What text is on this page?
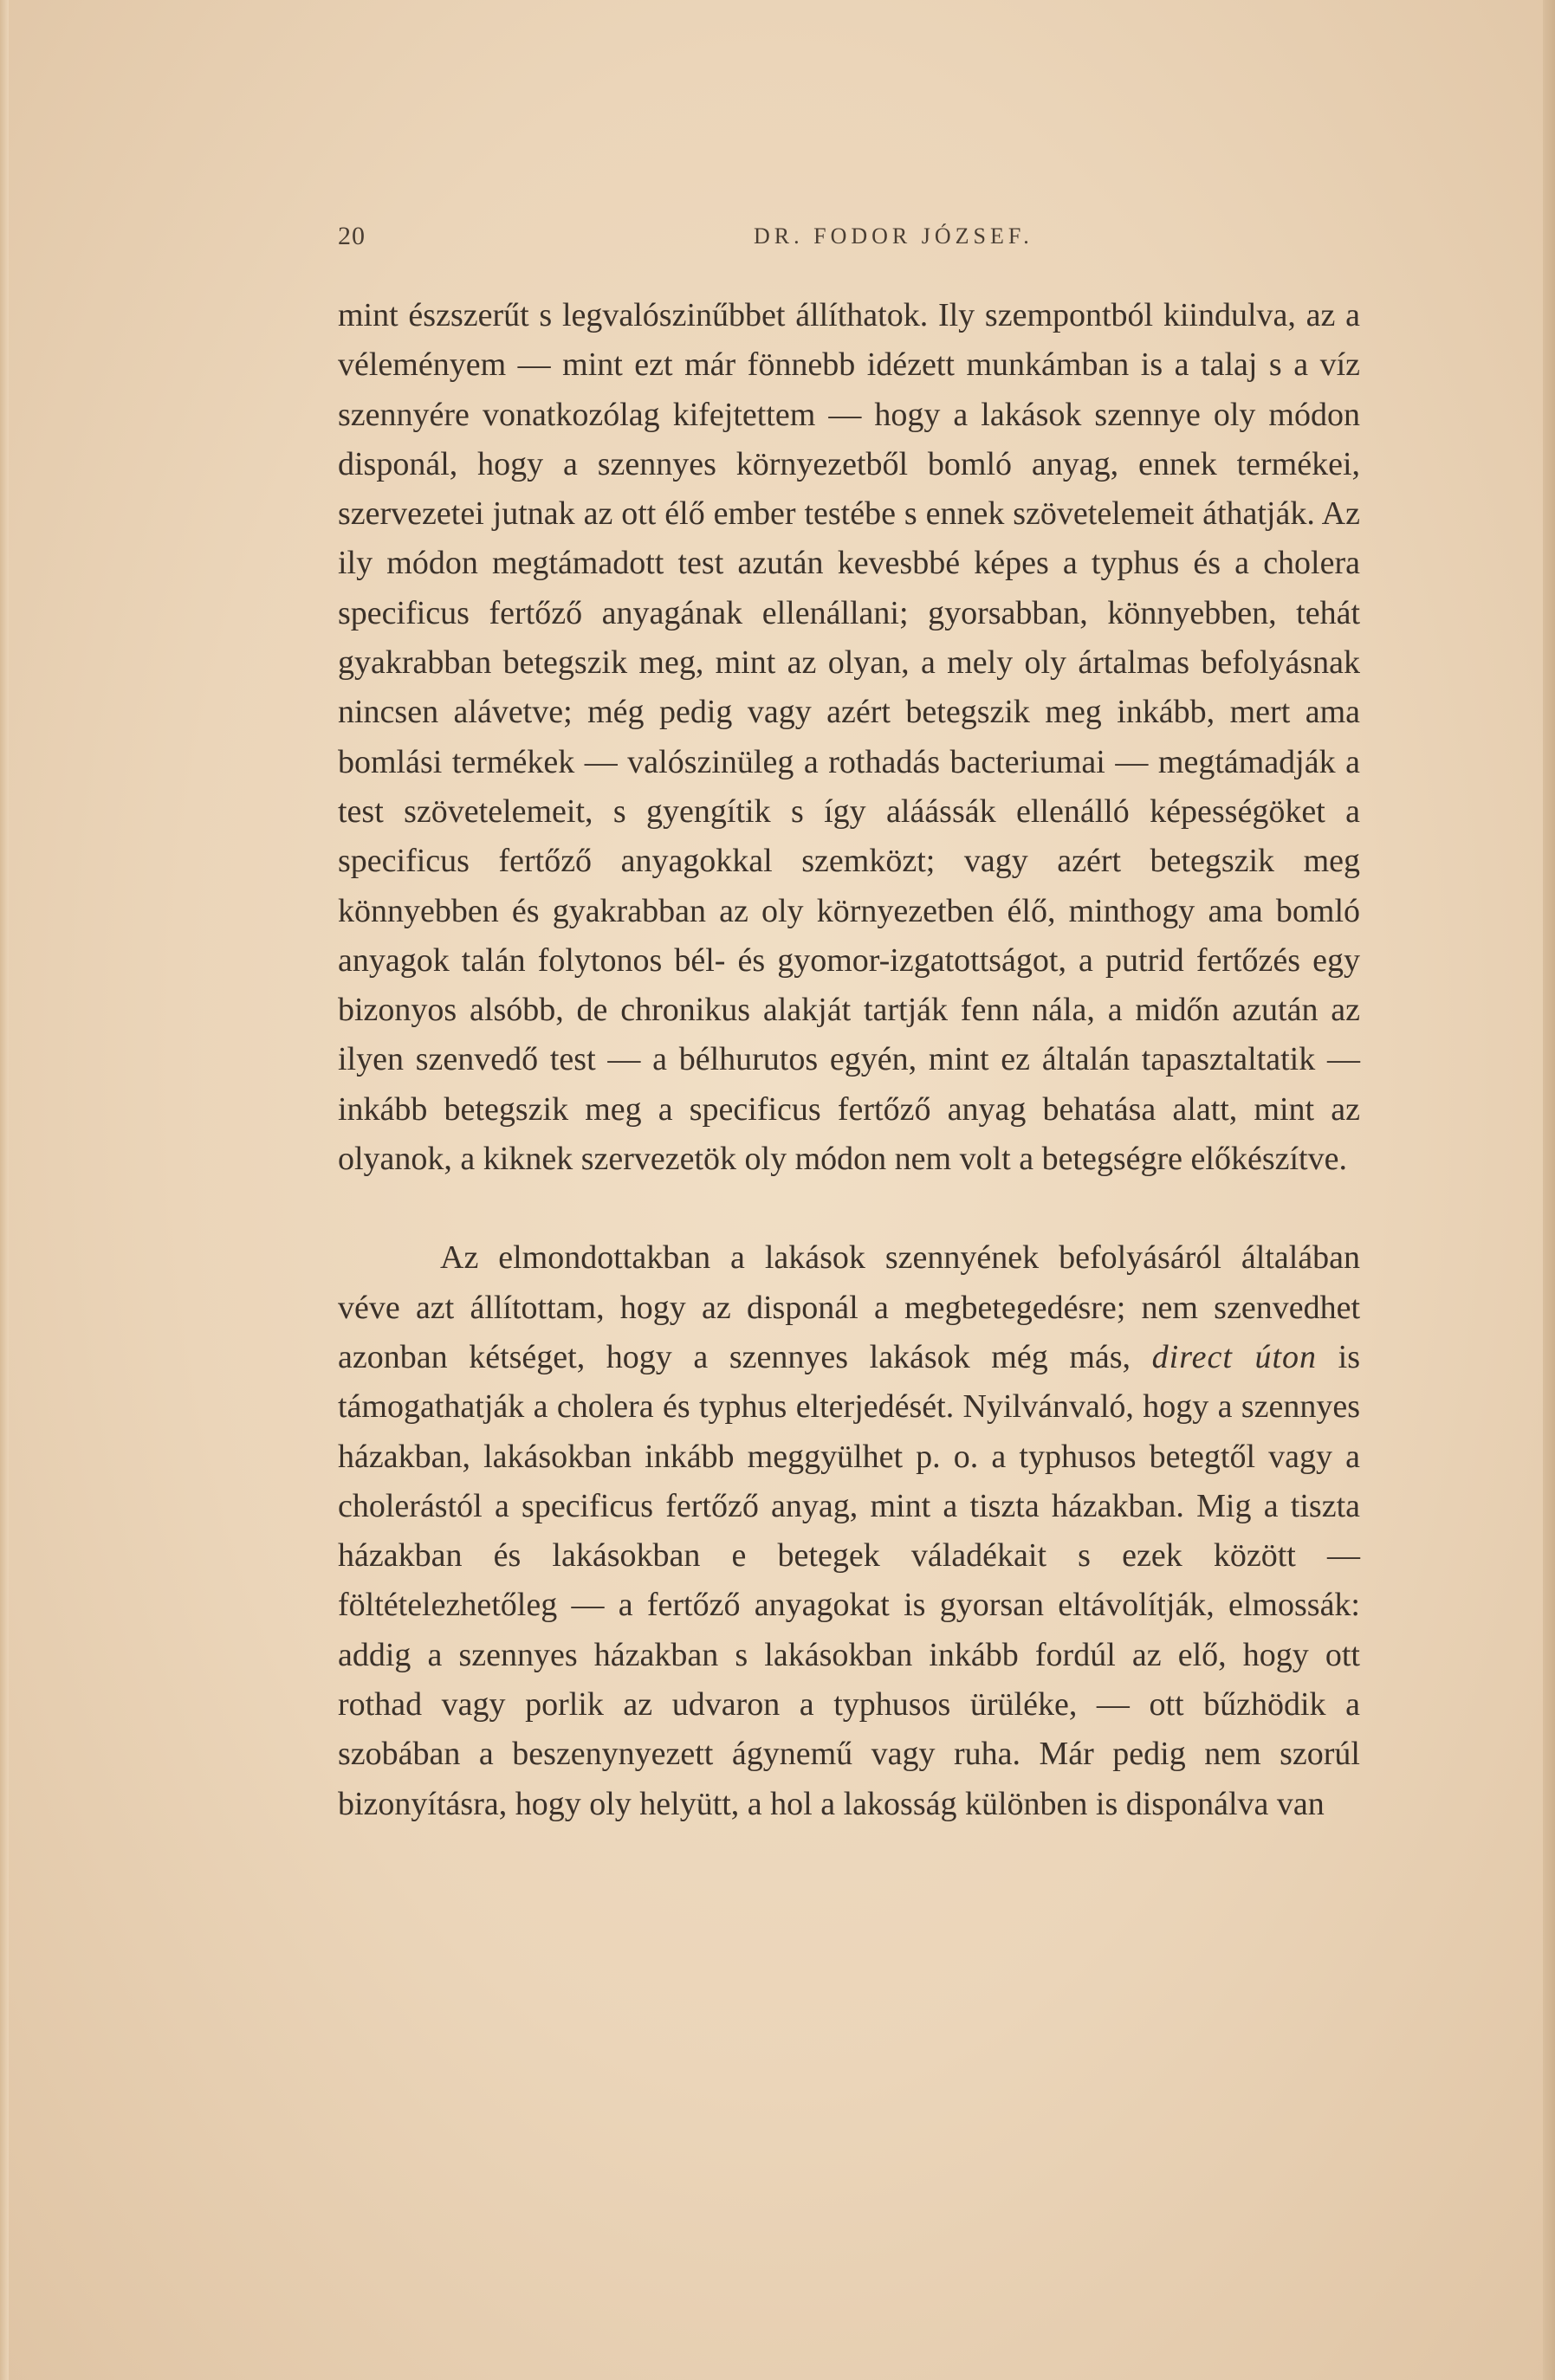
20	DR. FODOR JÓZSEF.

mint észszerűt s legvalószinűbbet állíthatok. Ily szempontból kiindulva, az a véleményem — mint ezt már fönnebb idézett munkámban is a talaj s a víz szennyére vonatkozólag kifejtettem — hogy a lakások szennye oly módon disponál, hogy a szennyes környezetből bomló anyag, ennek termékei, szervezetei jutnak az ott élő ember testébe s ennek szövetelemeit áthatják. Az ily módon megtámadott test azután kevesbbé képes a typhus és a cholera specificus fertőző anyagának ellenállani; gyorsabban, könnyebben, tehát gyakrabban betegszik meg, mint az olyan, a mely oly ártalmas befolyásnak nincsen alávetve; még pedig vagy azért betegszik meg inkább, mert ama bomlási termékek — valószinüleg a rothadás bacteriumai — megtámadják a test szövetelemeit, s gyengítik s így aláássák ellenálló képességöket a specificus fertőző anyagokkal szemközt; vagy azért betegszik meg könnyebben és gyakrabban az oly környezetben élő, minthogy ama bomló anyagok talán folytonos bél- és gyomor-izgatottságot, a putrid fertőzés egy bizonyos alsóbb, de chronikus alakját tartják fenn nála, a midőn azután az ilyen szenvedő test — a bélhurutos egyén, mint ez általán tapasztaltatik — inkább betegszik meg a specificus fertőző anyag behatása alatt, mint az olyanok, a kiknek szervezetök oly módon nem volt a betegségre előkészítve.

Az elmondottakban a lakások szennyének befolyásáról általában véve azt állítottam, hogy az disponál a megbetegedésre; nem szenvedhet azonban kétséget, hogy a szennyes lakások még más, direct úton is támogathatják a cholera és typhus elterjedését. Nyilvánvaló, hogy a szennyes házakban, lakásokban inkább meggyülhet p. o. a typhusos betegtől vagy a cholerástól a specificus fertőző anyag, mint a tiszta házakban. Mig a tiszta házakban és lakásokban e betegek váladékait s ezek között — föltételezhetőleg — a fertőző anyagokat is gyorsan eltávolítják, elmossák: addig a szennyes házakban s lakásokban inkább fordúl az elő, hogy ott rothad vagy porlik az udvaron a typhusos ürüléke, — ott bűzhödik a szobában a beszenynyezett ágynemű vagy ruha. Már pedig nem szorúl bizonyításra, hogy oly helyütt, a hol a lakosság különben is disponálva van
